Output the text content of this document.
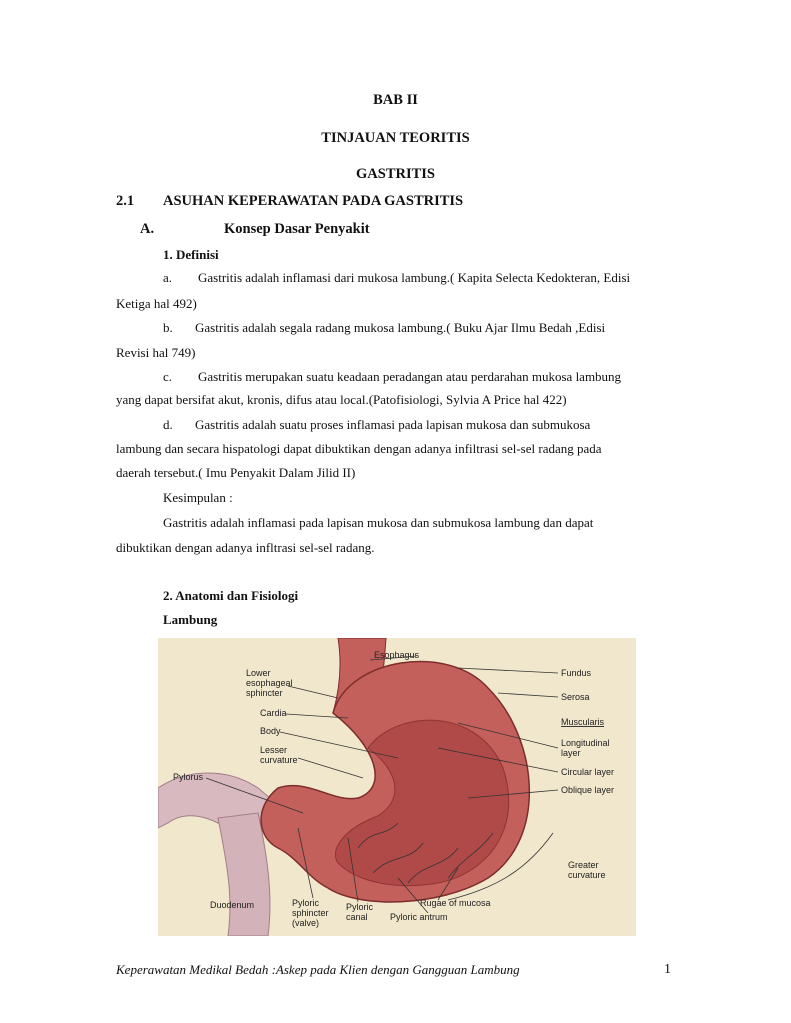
BAB II
TINJAUAN TEORITIS
GASTRITIS
2.1 ASUHAN KEPERAWATAN PADA GASTRITIS
A.	Konsep Dasar Penyakit
1. Definisi
a. Gastritis adalah inflamasi dari mukosa lambung.( Kapita Selecta Kedokteran, Edisi
Ketiga hal 492)
b. Gastritis adalah segala radang mukosa lambung.( Buku Ajar Ilmu Bedah ,Edisi
Revisi hal 749)
c. Gastritis merupakan suatu keadaan peradangan atau perdarahan mukosa lambung
yang dapat bersifat akut, kronis, difus atau local.(Patofisiologi, Sylvia A Price hal 422)
d. Gastritis adalah suatu proses inflamasi pada lapisan mukosa dan submukosa
lambung dan secara hispatologi dapat dibuktikan dengan adanya infiltrasi sel-sel radang pada
daerah tersebut.( Imu Penyakit Dalam Jilid II)
Kesimpulan :
Gastritis adalah inflamasi pada lapisan mukosa dan submukosa lambung dan dapat
dibuktikan dengan adanya infltrasi sel-sel radang.
2. Anatomi dan Fisiologi
Lambung
Esophagus
Lower
esophageal
sphincter
Cardia
Body
Lesser
curvature
Pylorus
Fundus
Serosa
Muscularis
Longitudinal
layer
Circular layer
Oblique layer
Greater
curvature
Duodenum	Pyloric
sphincter
(valve)
Pyloric
canal
Rugae of mucosa
Pyloric antrum
Keperawatan Medikal Bedah :Askep pada Klien dengan Gangguan Lambung	1
